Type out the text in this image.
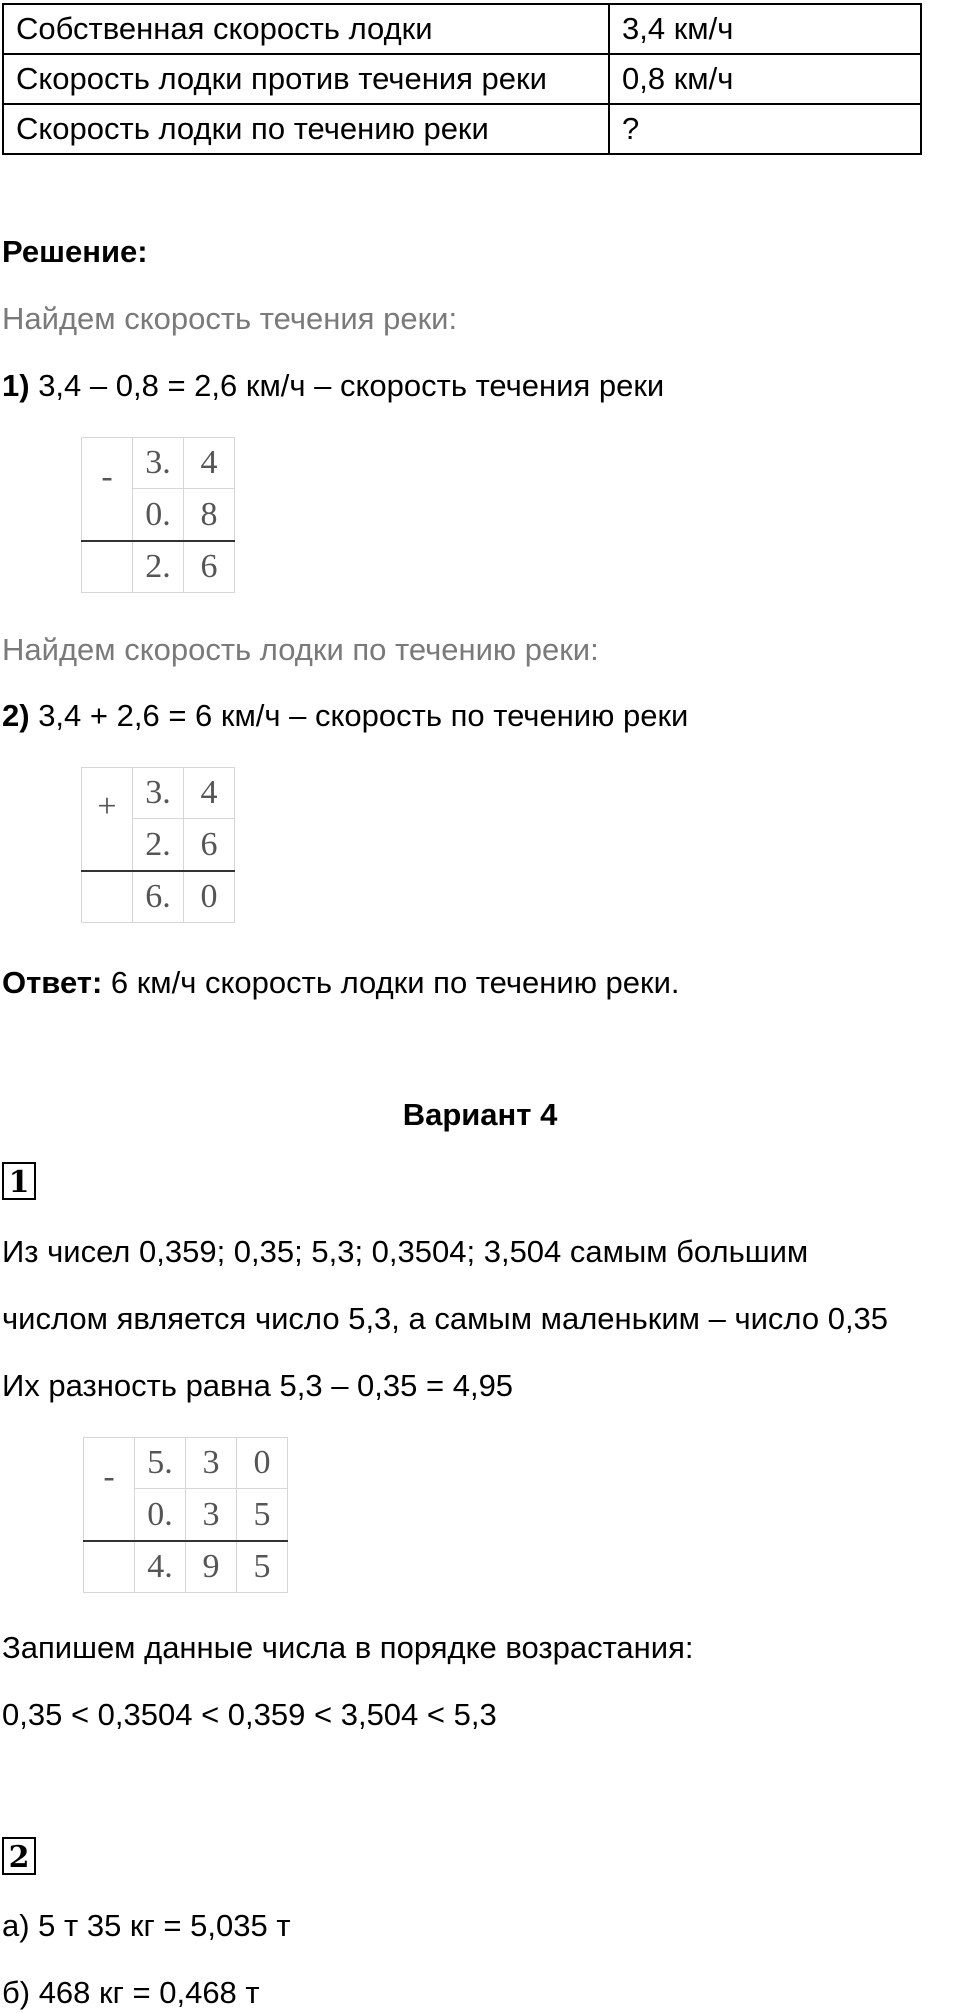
Собственная скорость лодки	3,4 км/ч
Скорость лодки против течения реки	0,8 км/ч
Скорость лодки по течению реки	?
Решение:
Найдем скорость течения реки:
1) 3,4 – 0,8 = 2,6 км/ч – скорость течения реки
-	3.	4
	0.	8
	2.	6
Найдем скорость лодки по течению реки:
2) 3,4 + 2,6 = 6 км/ч – скорость по течению реки
+	3.	4
	2.	6
	6.	0
Ответ: 6 км/ч скорость лодки по течению реки.
Вариант 4
1
Из чисел 0,359; 0,35; 5,3; 0,3504; 3,504 самым большим
числом является число 5,3, а самым маленьким – число 0,35
Их разность равна 5,3 – 0,35 = 4,95
-	5.	3	0
	0.	3	5
	4.	9	5
Запишем данные числа в порядке возрастания:
0,35 < 0,3504 < 0,359 < 3,504 < 5,3
2
а) 5 т 35 кг = 5,035 т
б) 468 кг = 0,468 т
